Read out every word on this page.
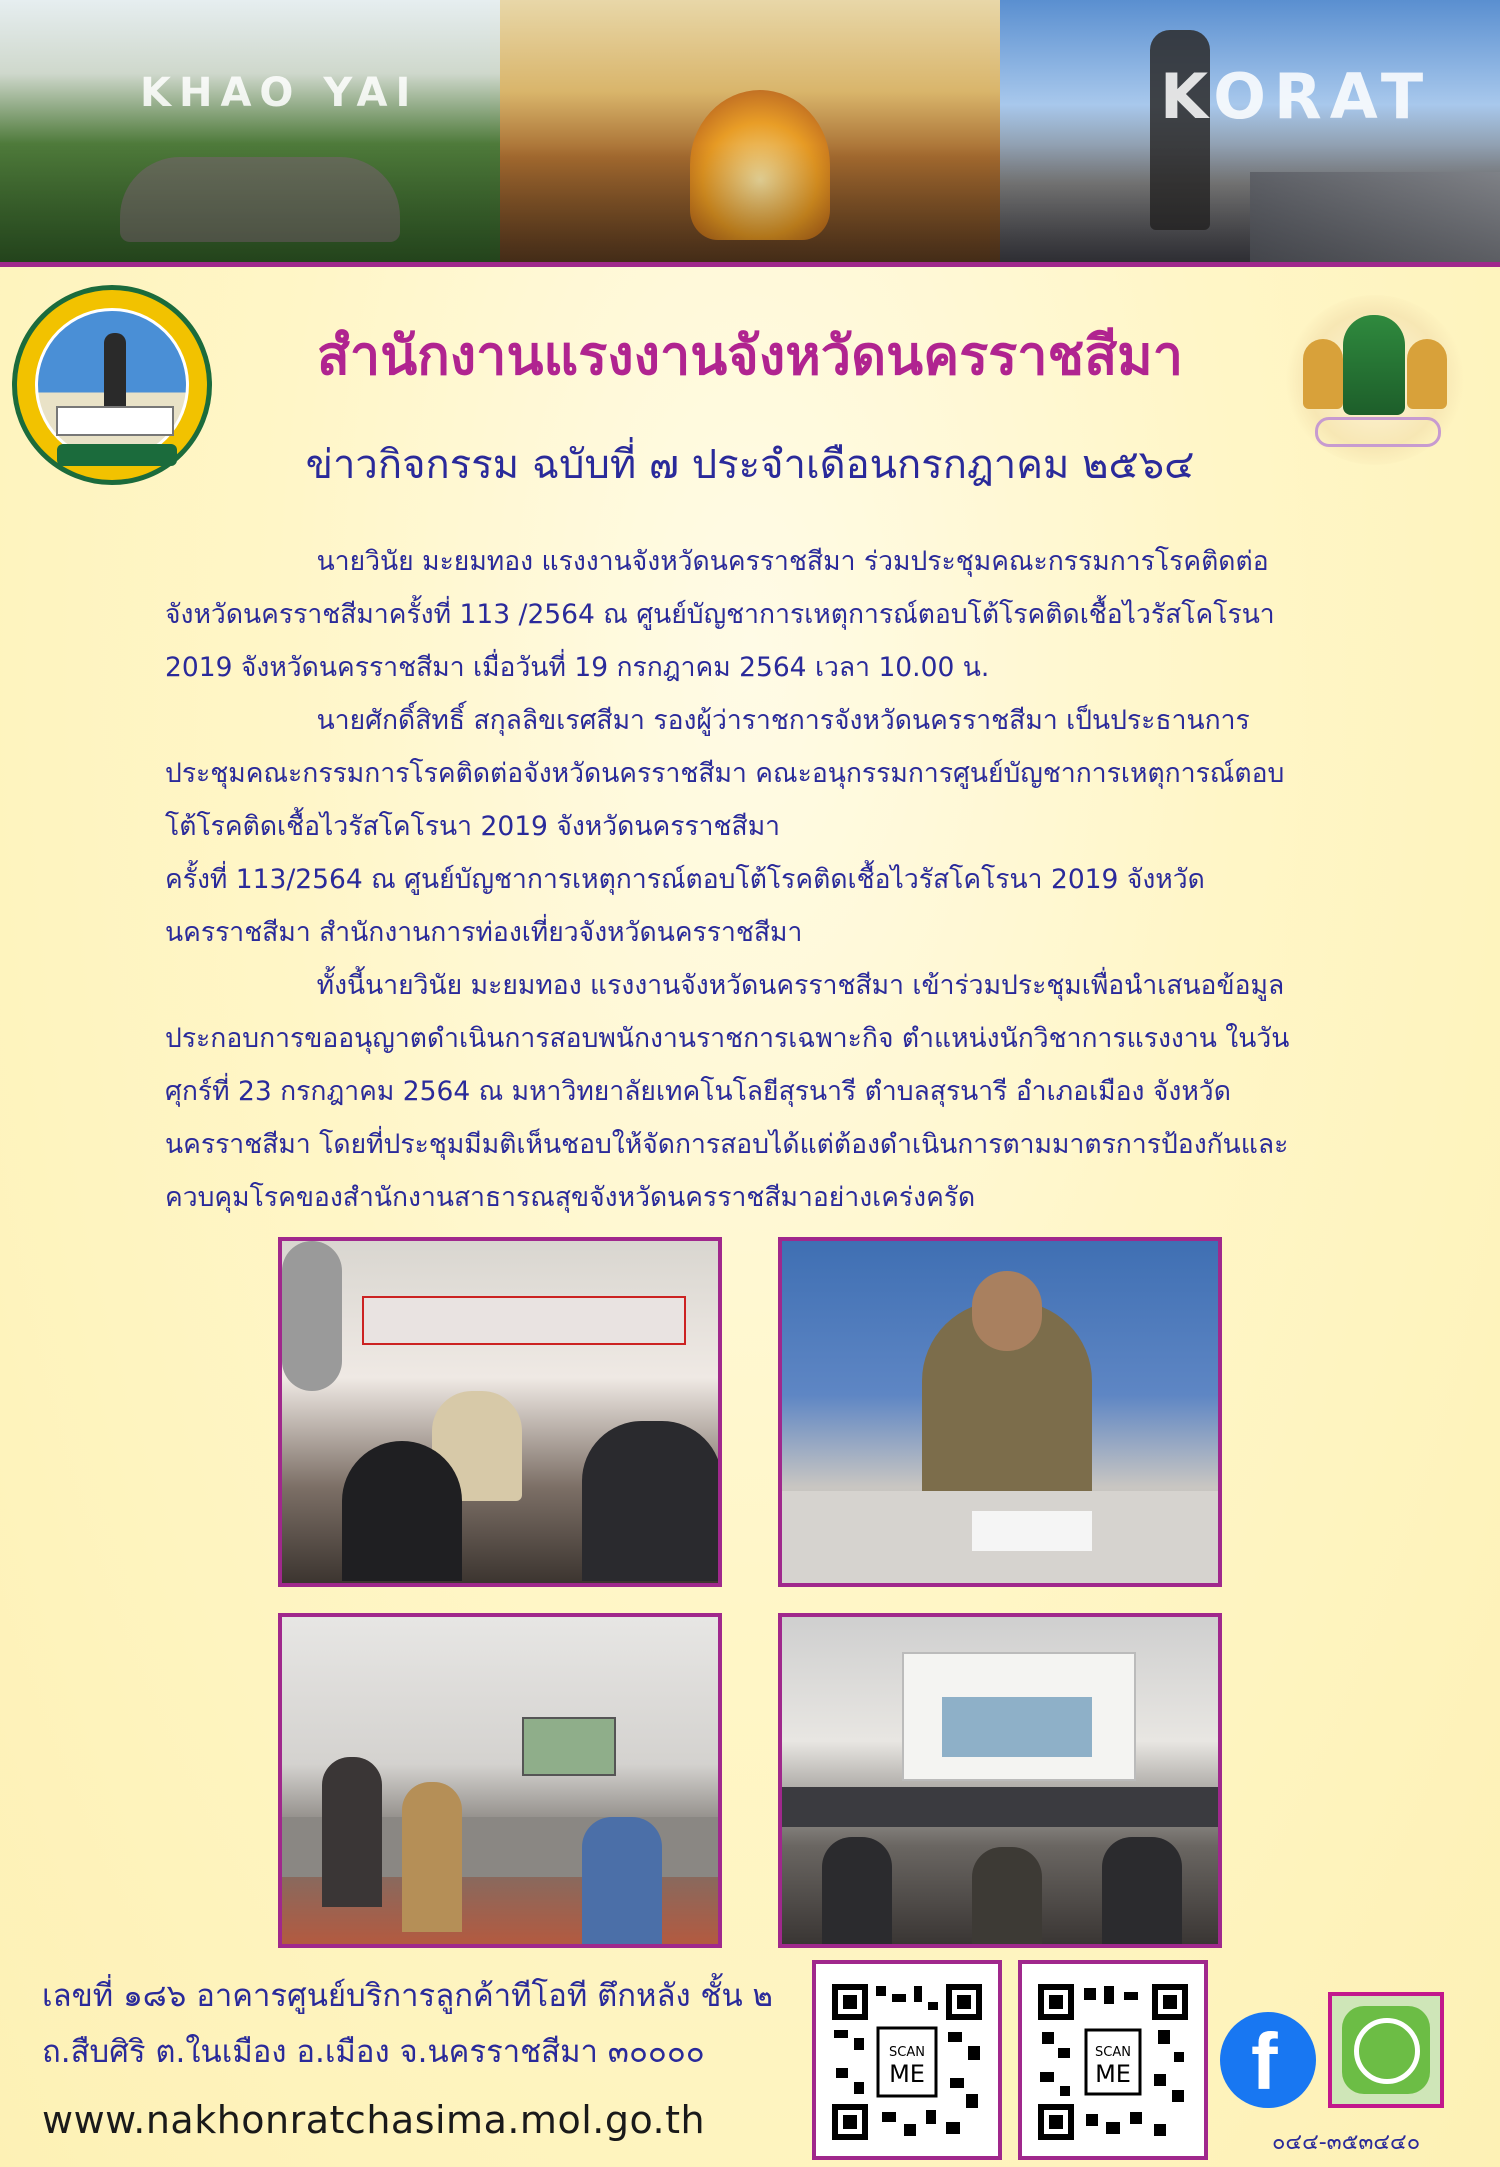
KHAO YAI	KORAT
สำนักงานแรงงานจังหวัดนครราชสีมา
ข่าวกิจกรรม ฉบับที่ ๗ ประจำเดือนกรกฎาคม ๒๕๖๔

นายวินัย มะยมทอง แรงงานจังหวัดนครราชสีมา ร่วมประชุมคณะกรรมการโรคติดต่อ

จังหวัดนครราชสีมาครั้งที่ 113 /2564 ณ ศูนย์บัญชาการเหตุการณ์ตอบโต้โรคติดเชื้อไวรัสโคโรนา

2019 จังหวัดนครราชสีมา เมื่อวันที่ 19 กรกฎาคม 2564 เวลา 10.00 น.

นายศักดิ์สิทธิ์ สกุลลิขเรศสีมา รองผู้ว่าราชการจังหวัดนครราชสีมา เป็นประธานการ

ประชุมคณะกรรมการโรคติดต่อจังหวัดนครราชสีมา คณะอนุกรรมการศูนย์บัญชาการเหตุการณ์ตอบ

โต้โรคติดเชื้อไวรัสโคโรนา 2019 จังหวัดนครราชสีมา

ครั้งที่ 113/2564 ณ ศูนย์บัญชาการเหตุการณ์ตอบโต้โรคติดเชื้อไวรัสโคโรนา 2019 จังหวัด

นครราชสีมา สำนักงานการท่องเที่ยวจังหวัดนครราชสีมา

ทั้งนี้นายวินัย มะยมทอง แรงงานจังหวัดนครราชสีมา เข้าร่วมประชุมเพื่อนำเสนอข้อมูล

ประกอบการขออนุญาตดำเนินการสอบพนักงานราชการเฉพาะกิจ ตำแหน่งนักวิชาการแรงงาน ในวัน

ศุกร์ที่ 23 กรกฎาคม 2564 ณ มหาวิทยาลัยเทคโนโลยีสุรนารี ตำบลสุรนารี อำเภอเมือง จังหวัด

นครราชสีมา โดยที่ประชุมมีมติเห็นชอบให้จัดการสอบได้แต่ต้องดำเนินการตามมาตรการป้องกันและ

ควบคุมโรคของสำนักงานสาธารณสุขจังหวัดนครราชสีมาอย่างเคร่งครัด

เลขที่ ๑๘๖ อาคารศูนย์บริการลูกค้าทีโอที ตึกหลัง ชั้น ๒
ถ.สืบศิริ ต.ในเมือง อ.เมือง จ.นครราชสีมา ๓๐๐๐๐
www.nakhonratchasima.mol.go.th
SCAN
ME
SCAN
ME f
๐๔๔-๓๕๓๔๔๐
